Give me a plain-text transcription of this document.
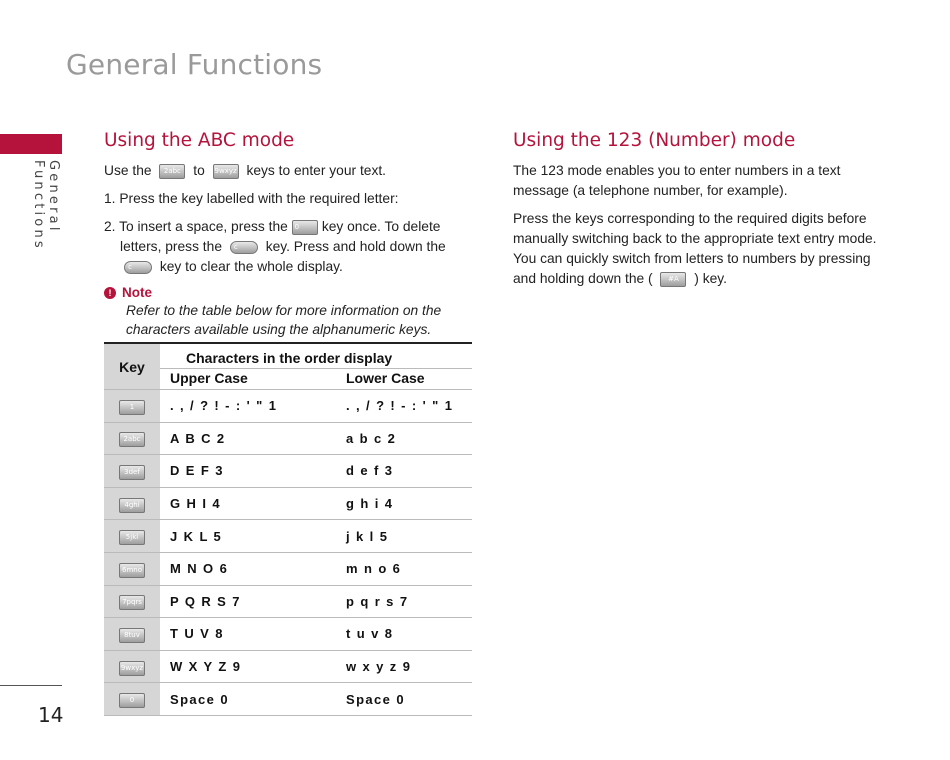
General Functions
General Functions
14
Using the ABC mode

Use the 2abc to 9wxyz keys to enter your text.

1. Press the key labelled with the required letter:

2. To insert a space, press the 0 key once. To delete letters, press the c key. Press and hold down the c key to clear the whole display.

! Note

Refer to the table below for more information on the characters available using the alphanumeric keys.

Key	Characters in the order display	
	Upper Case	Lower Case
1	. , / ? ! - : ' " 1	. , / ? ! - : ' " 1
2abc	A B C 2	a b c 2
3def	D E F 3	d e f 3
4ghi	G H I 4	g h i 4
5jkl	J K L 5	j k l 5
6mno	M N O 6	m n o 6
7pqrs	P Q R S 7	p q r s 7
8tuv	T U V 8	t u v 8
9wxyz	W X Y Z 9	w x y z 9
0	Space 0	Space 0
Using the 123 (Number) mode

The 123 mode enables you to enter numbers in a text message (a telephone number, for example).

Press the keys corresponding to the required digits before manually switching back to the appropriate text entry mode. You can quickly switch from letters to numbers by pressing and holding down the ( #A ) key.
